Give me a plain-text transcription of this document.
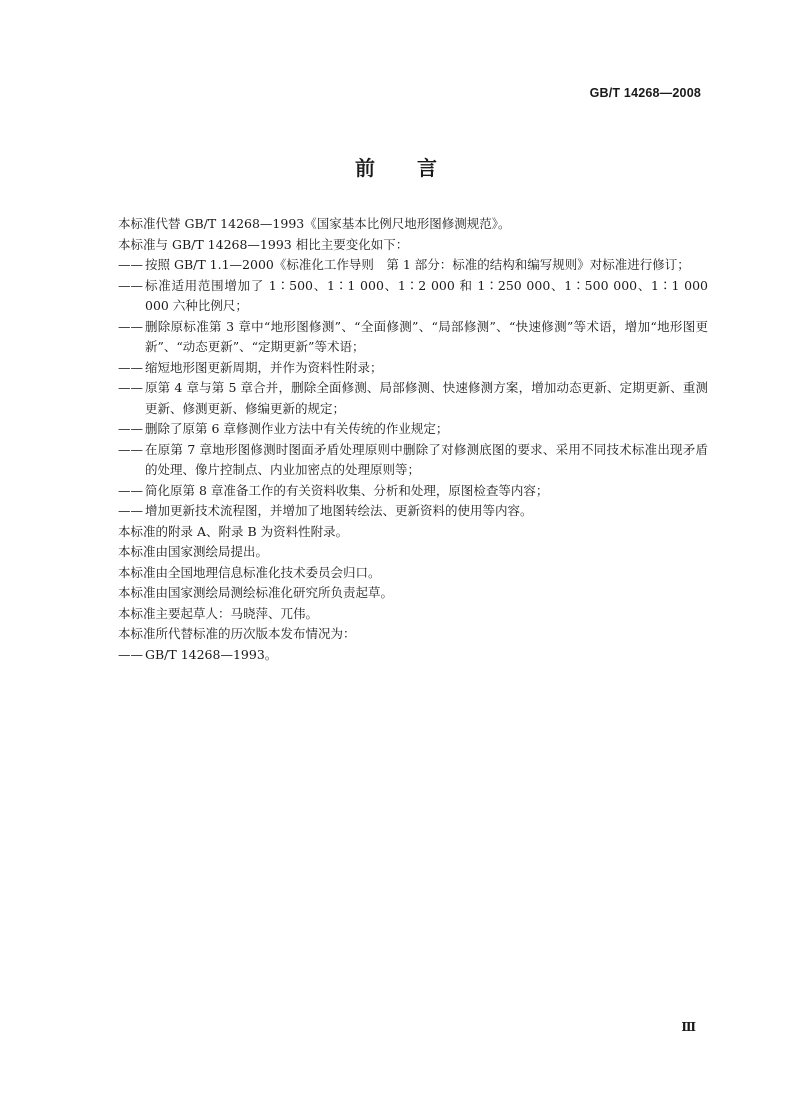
GB/T 14268—2008
前言

本标准代替 GB/T 14268—1993《国家基本比例尺地形图修测规范》。

本标准与 GB/T 14268—1993 相比主要变化如下：

—— 按照 GB/T 1.1—2000《标准化工作导则　第 1 部分：标准的结构和编写规则》对标准进行修订；
—— 标准适用范围增加了 1∶500、1∶1 000、1∶2 000 和 1∶250 000、1∶500 000、1∶1 000 000 六种比例尺；
—— 删除原标准第 3 章中“地形图修测”、“全面修测”、“局部修测”、“快速修测”等术语，增加“地形图更新”、“动态更新”、“定期更新”等术语；
—— 缩短地形图更新周期，并作为资料性附录；
—— 原第 4 章与第 5 章合并，删除全面修测、局部修测、快速修测方案，增加动态更新、定期更新、重测更新、修测更新、修编更新的规定；
—— 删除了原第 6 章修测作业方法中有关传统的作业规定；
—— 在原第 7 章地形图修测时图面矛盾处理原则中删除了对修测底图的要求、采用不同技术标准出现矛盾的处理、像片控制点、内业加密点的处理原则等；
—— 简化原第 8 章准备工作的有关资料收集、分析和处理，原图检查等内容；
—— 增加更新技术流程图，并增加了地图转绘法、更新资料的使用等内容。

本标准的附录 A、附录 B 为资料性附录。

本标准由国家测绘局提出。

本标准由全国地理信息标准化技术委员会归口。

本标准由国家测绘局测绘标准化研究所负责起草。

本标准主要起草人：马晓萍、兀伟。

本标准所代替标准的历次版本发布情况为：

—— GB/T 14268—1993。
Ⅲ
